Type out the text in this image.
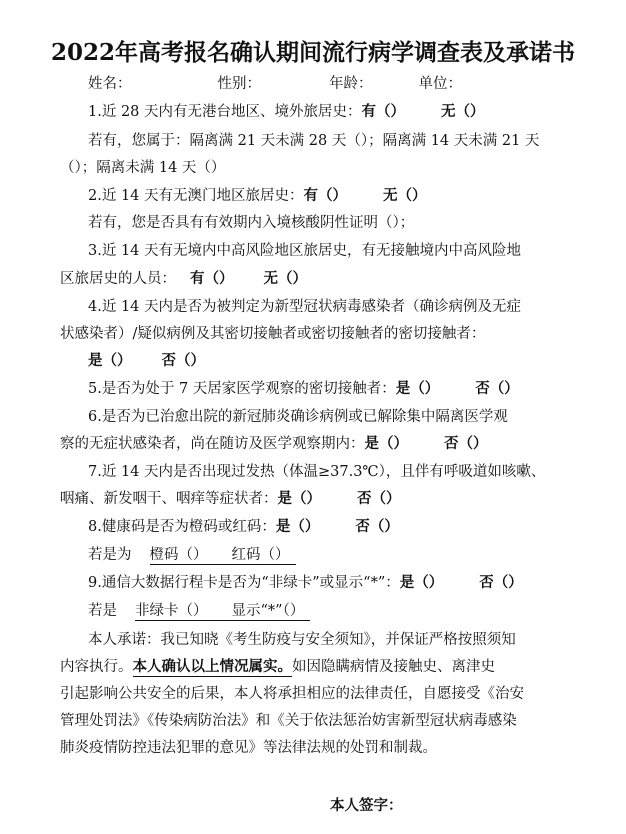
2022年高考报名确认期间流行病学调查表及承诺书
姓名：	性别：	年龄：	单位：
1.近 28 天内有无港台地区、境外旅居史：有（） 无（）
若有，您属于：隔离满 21 天未满 28 天（）；隔离满 14 天未满 21 天
（）；隔离未满 14 天（）
2.近 14 天有无澳门地区旅居史：有（） 无（）
若有，您是否具有有效期内入境核酸阴性证明（）；
3.近 14 天有无境内中高风险地区旅居史，有无接触境内中高风险地
区旅居史的人员： 有（） 无（）
4.近 14 天内是否为被判定为新型冠状病毒感染者（确诊病例及无症
状感染者）/疑似病例及其密切接触者或密切接触者的密切接触者：
是（） 否（）
5.是否为处于 7 天居家医学观察的密切接触者：是（） 否（）
6.是否为已治愈出院的新冠肺炎确诊病例或已解除集中隔离医学观
察的无症状感染者，尚在随访及医学观察期内：是（） 否（）
7.近 14 天内是否出现过发热（体温≥37.3℃），且伴有呼吸道如咳嗽、
咽痛、新发咽干、咽痒等症状者：是（） 否（）
8.健康码是否为橙码或红码：是（） 否（）
若是为 橙码（） 红码（）
9.通信大数据行程卡是否为“非绿卡”或显示“*”：是（） 否（）
若是 非绿卡（） 显示“*”（）
本人承诺：我已知晓《考生防疫与安全须知》，并保证严格按照须知
内容执行。本人确认以上情况属实。如因隐瞒病情及接触史、离津史
引起影响公共安全的后果，本人将承担相应的法律责任，自愿接受《治安
管理处罚法》《传染病防治法》和《关于依法惩治妨害新型冠状病毒感染
肺炎疫情防控违法犯罪的意见》等法律法规的处罚和制裁。
本人签字：
